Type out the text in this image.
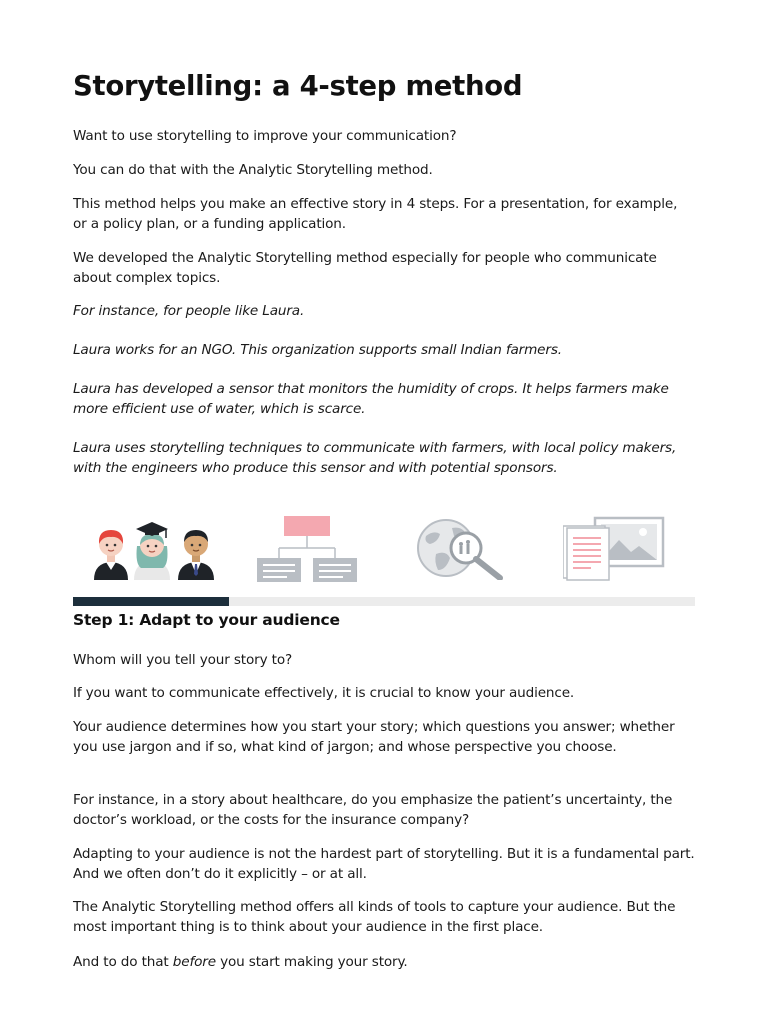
Storytelling: a 4-step method

Want to use storytelling to improve your communication?

You can do that with the Analytic Storytelling method.

This method helps you make an effective story in 4 steps. For a presentation, for example, or a policy plan, or a funding application.

We developed the Analytic Storytelling method especially for people who communicate about complex topics.

For instance, for people like Laura.

Laura works for an NGO. This organization supports small Indian farmers.

Laura has developed a sensor that monitors the humidity of crops. It helps farmers make more efficient use of water, which is scarce.

Laura uses storytelling techniques to communicate with farmers, with local policy makers, with the engineers who produce this sensor and with potential sponsors.

Step 1: Adapt to your audience

Whom will you tell your story to?

If you want to communicate effectively, it is crucial to know your audience.

Your audience determines how you start your story; which questions you answer; whether you use jargon and if so, what kind of jargon; and whose perspective you choose.

For instance, in a story about healthcare, do you emphasize the patient’s uncertainty, the doctor’s workload, or the costs for the insurance company?

Adapting to your audience is not the hardest part of storytelling. But it is a fundamental part. And we often don’t do it explicitly – or at all.

The Analytic Storytelling method offers all kinds of tools to capture your audience. But the most important thing is to think about your audience in the first place.

And to do that before you start making your story.
